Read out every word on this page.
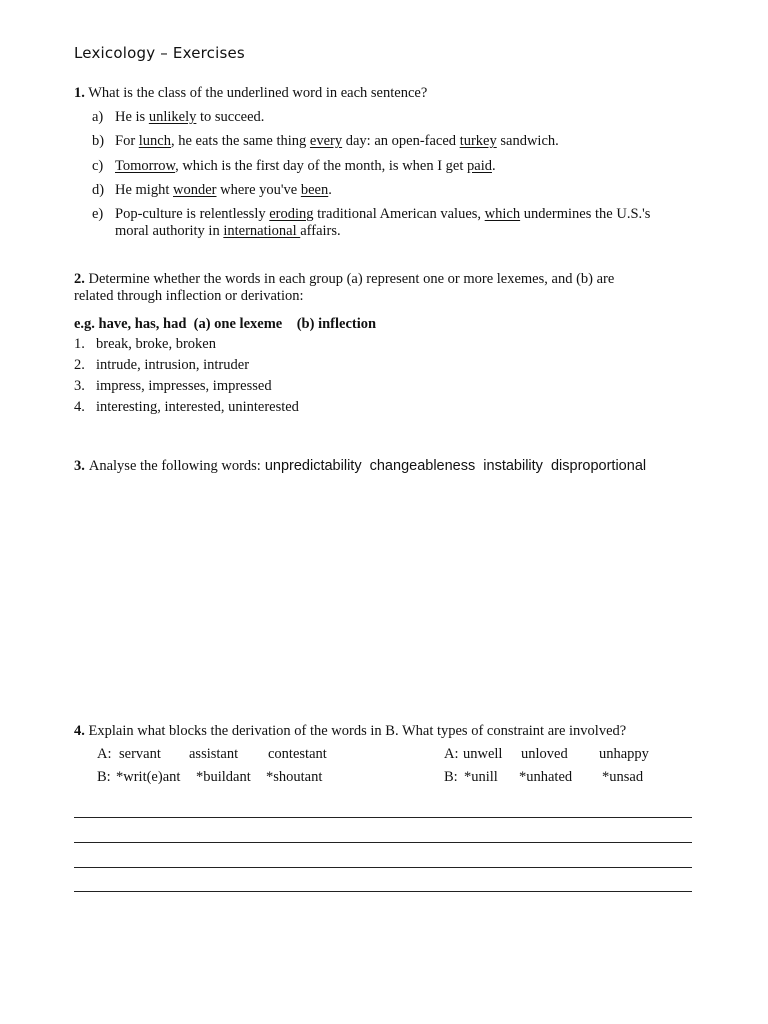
Lexicology – Exercises
1. What is the class of the underlined word in each sentence?
a) He is unlikely to succeed.
b) For lunch, he eats the same thing every day: an open-faced turkey sandwich.
c) Tomorrow, which is the first day of the month, is when I get paid.
d) He might wonder where you've been.
e) Pop-culture is relentlessly eroding traditional American values, which undermines the U.S.'s
moral authority in international affairs.
2. Determine whether the words in each group (a) represent one or more lexemes, and (b) are
related through inflection or derivation:
e.g. have, has, had  (a) one lexeme    (b) inflection
1. break, broke, broken
2. intrude, intrusion, intruder
3. impress, impresses, impressed
4. interesting, interested, uninterested
3. Analyse the following words: unpredictability  changeableness  instability  disproportional
4. Explain what blocks the derivation of the words in B. What types of constraint are involved?
A: servant assistant contestant
B: *writ(e)ant *buildant *shoutant
A: unwell unloved unhappy
B: *unill *unhated *unsad
